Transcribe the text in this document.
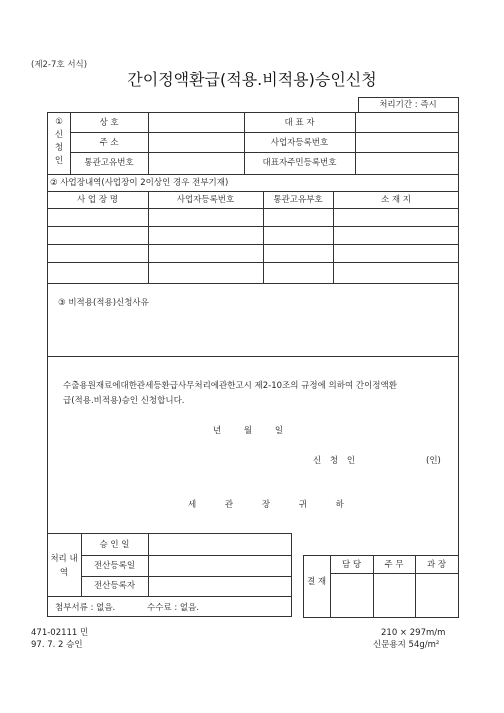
(제2-7호 서식)
간이정액환급(적용.비적용)승인신청
처리기간 : 즉시
① 신 청 인
상 호	대 표 자
주 소	사업자등록번호
통관고유번호	대표자주민등록번호
② 사업장내역(사업장이 2이상인 경우 전부기재)
사 업 장 명	사업자등록번호	통관고유부호	소 재 지
③ 비적용(적용)신청사유
수출용원재료에대한관세등환급사무처리에관한고시 제2-10조의 규정에 의하여 간이정액환
급(적용.비적용)승인 신청합니다.
년 월 일
신 청 인	(인)
세 관 장 귀 하
처리 내역
승 인 일
전산등록일
전산등록자
첨부서류 : 없음.	수수료 : 없음.
결 재
담 당	주 무	과 장
471-02111 민
97. 7. 2 승인
210 × 297m/m
신문용지 54g/m²
